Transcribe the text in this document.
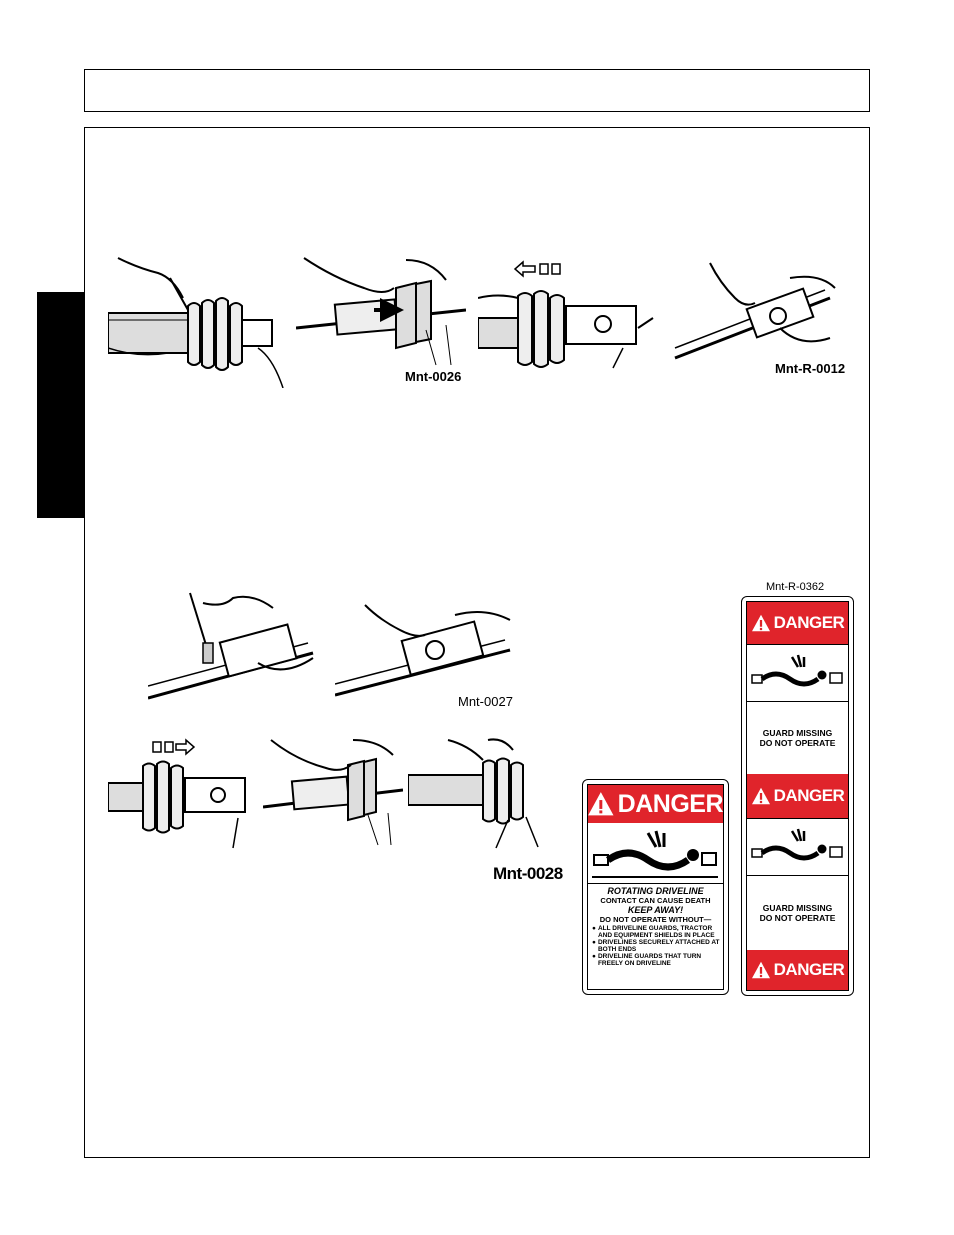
Mnt-0026
Mnt-R-0012
Mnt-0027
Mnt-0028
DANGER
ROTATING DRIVELINE
CONTACT CAN CAUSE DEATH
KEEP AWAY!
DO NOT OPERATE WITHOUT—
● ALL DRIVELINE GUARDS, TRACTOR AND EQUIPMENT SHIELDS IN PLACE
● DRIVELINES SECURELY ATTACHED AT BOTH ENDS
● DRIVELINE GUARDS THAT TURN FREELY ON DRIVELINE
Mnt-R-0362
DANGER
GUARD MISSING
DO NOT OPERATE
DANGER
GUARD MISSING
DO NOT OPERATE
DANGER
